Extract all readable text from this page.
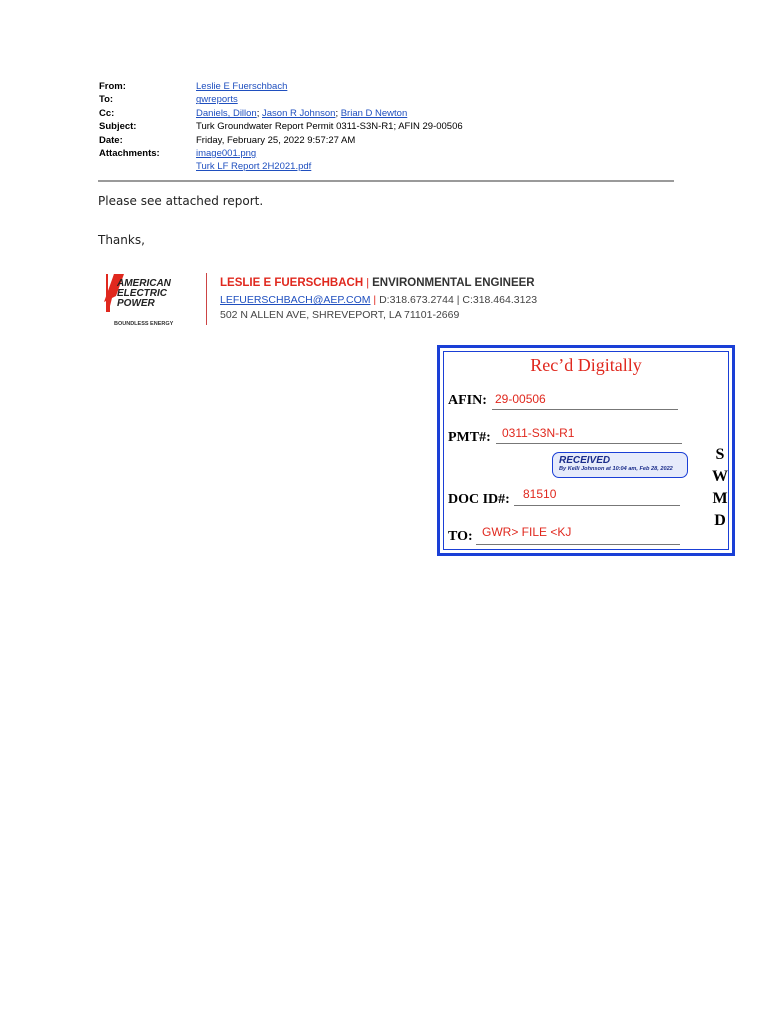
From:	Leslie E Fuerschbach
To:	gwreports
Cc:	Daniels, Dillon; Jason R Johnson; Brian D Newton
Subject:	Turk Groundwater Report Permit 0311-S3N-R1; AFIN 29-00506
Date:	Friday, February 25, 2022 9:57:27 AM
Attachments:	image001.png
Turk LF Report 2H2021.pdf
Please see attached report.
Thanks,
AMERICAN
ELECTRIC
POWER
BOUNDLESS ENERGY
LESLIE E FUERSCHBACH | ENVIRONMENTAL ENGINEER
LEFUERSCHBACH@AEP.COM | D:318.673.2744 | C:318.464.3123
502 N ALLEN AVE, SHREVEPORT, LA 71101-2669
Rec’d Digitally
AFIN: 29-00506
PMT#: 0311-S3N-R1
RECEIVED
By Kelli Johnson at 10:04 am, Feb 28, 2022
DOC ID#: 81510
TO: GWR> FILE <KJ
S
W
M
D
